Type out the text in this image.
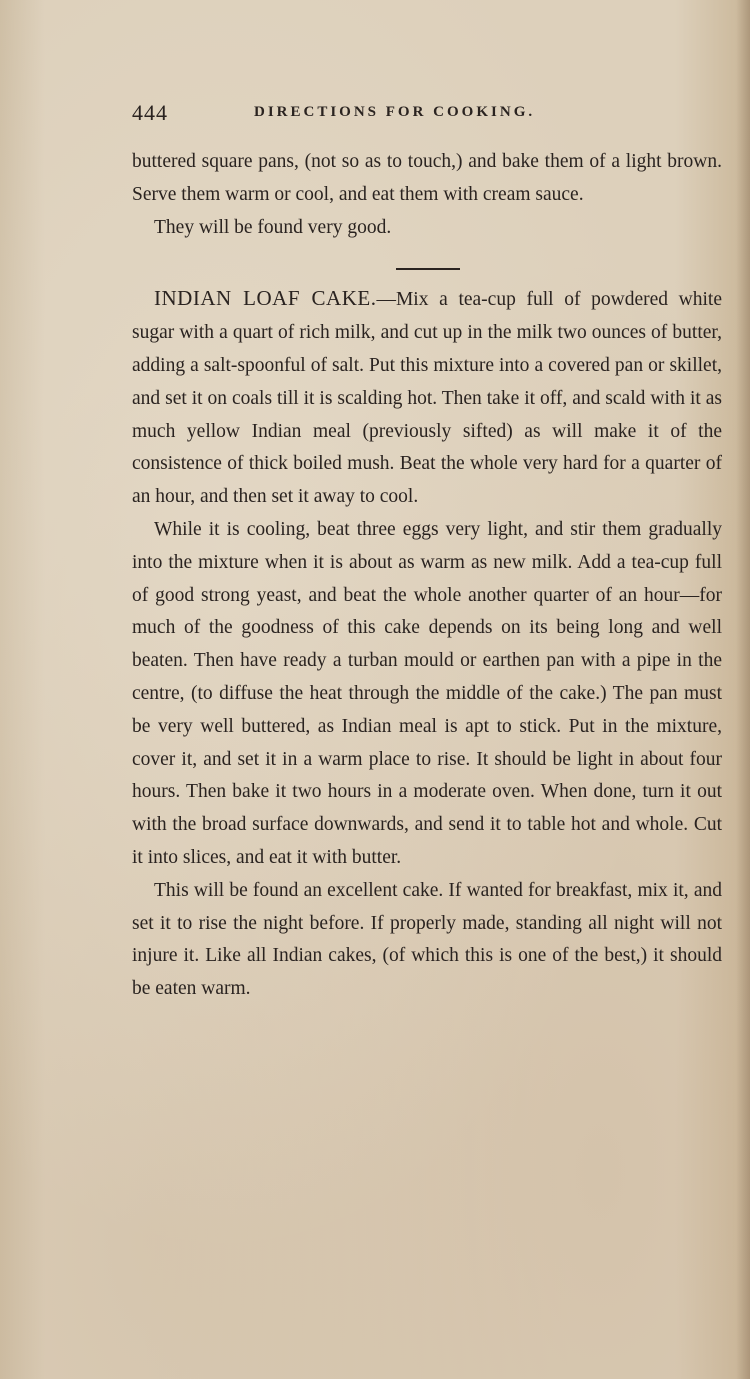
444	DIRECTIONS FOR COOKING.

buttered square pans, (not so as to touch,) and bake them of a light brown. Serve them warm or cool, and eat them with cream sauce.

They will be found very good.

INDIAN LOAF CAKE.—Mix a tea-cup full of powdered white sugar with a quart of rich milk, and cut up in the milk two ounces of butter, adding a salt-spoonful of salt. Put this mixture into a covered pan or skillet, and set it on coals till it is scalding hot. Then take it off, and scald with it as much yellow Indian meal (previously sifted) as will make it of the consistence of thick boiled mush. Beat the whole very hard for a quarter of an hour, and then set it away to cool.

While it is cooling, beat three eggs very light, and stir them gradually into the mixture when it is about as warm as new milk. Add a tea-cup full of good strong yeast, and beat the whole another quarter of an hour—for much of the goodness of this cake depends on its being long and well beaten. Then have ready a turban mould or earthen pan with a pipe in the centre, (to diffuse the heat through the middle of the cake.) The pan must be very well buttered, as Indian meal is apt to stick. Put in the mixture, cover it, and set it in a warm place to rise. It should be light in about four hours. Then bake it two hours in a moderate oven. When done, turn it out with the broad surface downwards, and send it to table hot and whole. Cut it into slices, and eat it with butter.

This will be found an excellent cake. If wanted for breakfast, mix it, and set it to rise the night before. If properly made, standing all night will not injure it. Like all Indian cakes, (of which this is one of the best,) it should be eaten warm.
